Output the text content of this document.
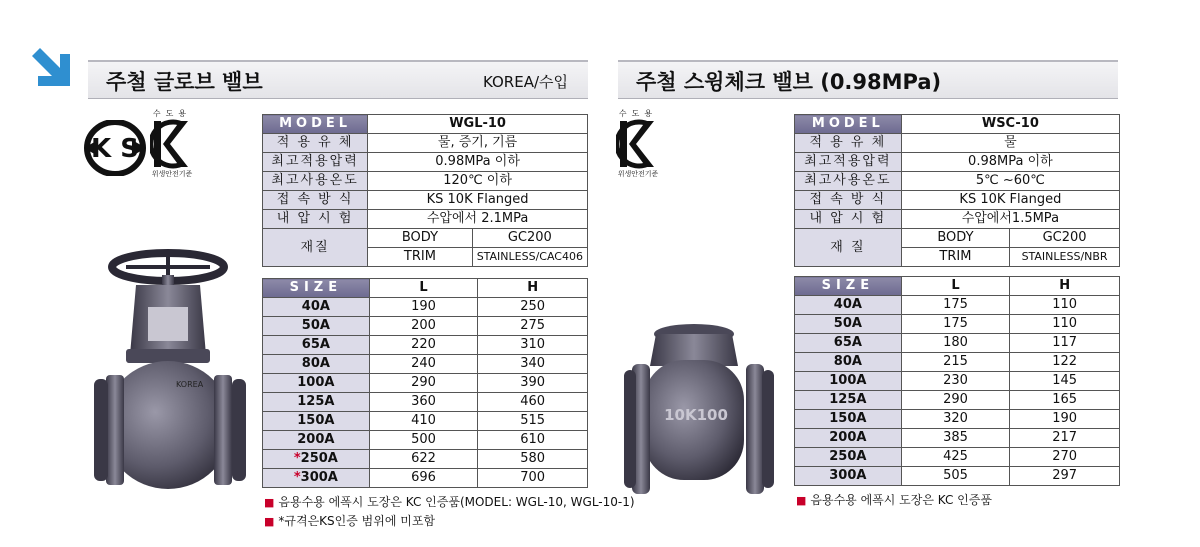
주철 글로브 밸브	KOREA/수입	주철 스윙체크 밸브 (0.98MPa)
K S
수도용
위생안전기준
수도용
위생안전기준
KOREA
10K100
MODEL	WGL-10	
적 용 유 체	물, 증기, 기름	
최고적용압력	0.98MPa 이하	
최고사용온도	120℃ 이하	
접 속 방 식	KS 10K Flanged	
내 압 시 험	수압에서 2.1MPa	
재질	BODY	GC200
	TRIM	STAINLESS/CAC406
SIZE	L	H
40A	190	250
50A	200	275
65A	220	310
80A	240	340
100A	290	390
125A	360	460
150A	410	515
200A	500	610
*250A	622	580
*300A	696	700
■ 음용수용 에폭시 도장은 KC 인증품(MODEL: WGL-10, WGL-10-1)
■ *규격은KS인증 범위에 미포함
MODEL	WSC-10	
적 용 유 체	물	
최고적용압력	0.98MPa 이하	
최고사용온도	5℃ ~60℃	
접 속 방 식	KS 10K Flanged	
내 압 시 험	수압에서1.5MPa	
재 질	BODY	GC200
	TRIM	STAINLESS/NBR
SIZE	L	H
40A	175	110
50A	175	110
65A	180	117
80A	215	122
100A	230	145
125A	290	165
150A	320	190
200A	385	217
250A	425	270
300A	505	297
■ 음용수용 에폭시 도장은 KC 인증품
